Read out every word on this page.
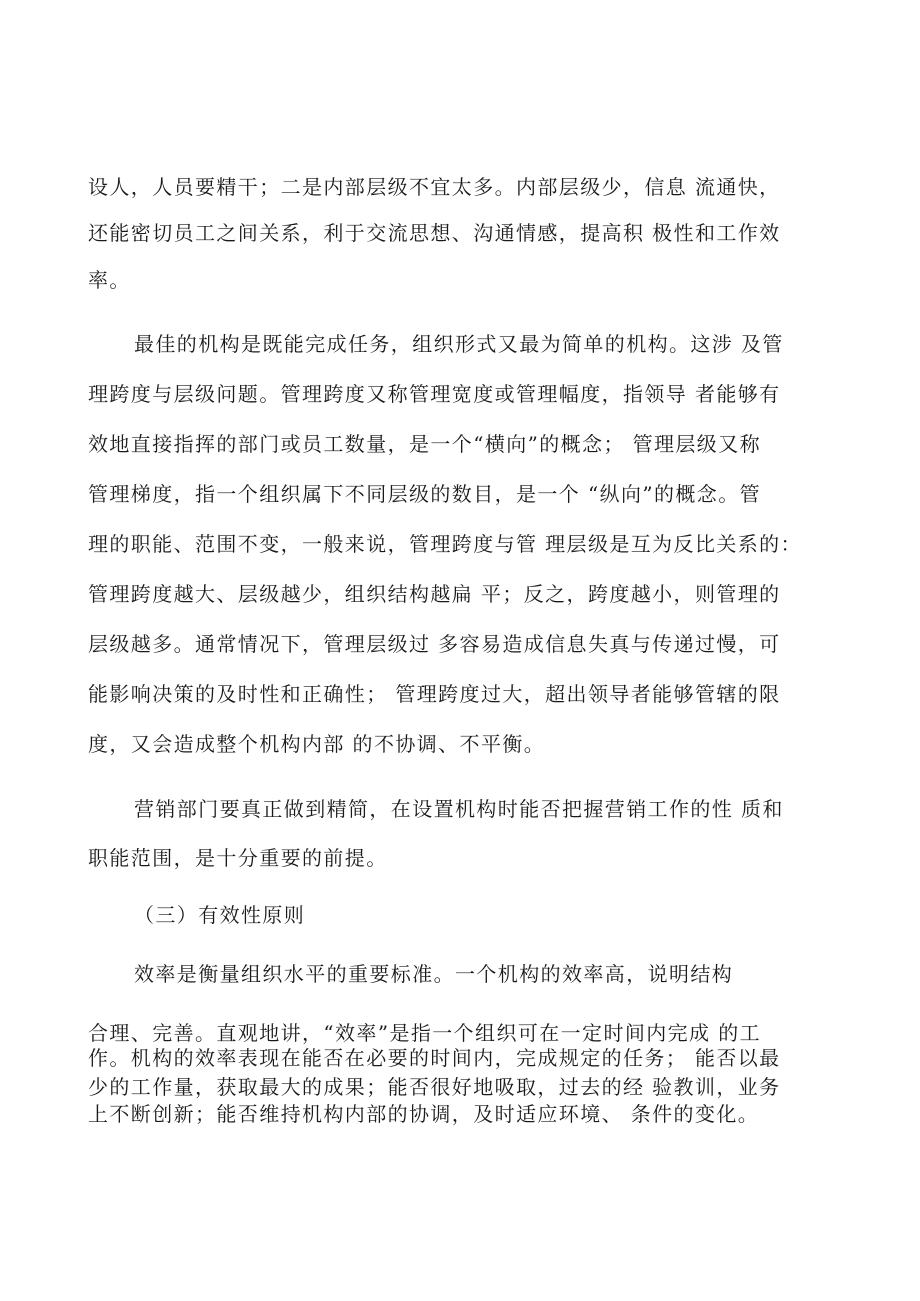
设人，人员要精干；二是内部层级不宜太多。内部层级少，信息 流通快，
还能密切员工之间关系，利于交流思想、沟通情感，提高积 极性和工作效
率。
最佳的机构是既能完成任务，组织形式又最为简单的机构。这涉 及管
理跨度与层级问题。管理跨度又称管理宽度或管理幅度，指领导 者能够有
效地直接指挥的部门或员工数量，是一个“横向”的概念； 管理层级又称
管理梯度，指一个组织属下不同层级的数目，是一个 “纵向”的概念。管
理的职能、范围不变，一般来说，管理跨度与管 理层级是互为反比关系的：
管理跨度越大、层级越少，组织结构越扁 平；反之，跨度越小，则管理的
层级越多。通常情况下，管理层级过 多容易造成信息失真与传递过慢，可
能影响决策的及时性和正确性； 管理跨度过大，超出领导者能够管辖的限
度，又会造成整个机构内部 的不协调、不平衡。
营销部门要真正做到精简，在设置机构时能否把握营销工作的性 质和
职能范围，是十分重要的前提。
（三）有效性原则
效率是衡量组织水平的重要标准。一个机构的效率高，说明结构
合理、完善。直观地讲，“效率”是指一个组织可在一定时间内完成 的工
作。机构的效率表现在能否在必要的时间内，完成规定的任务； 能否以最
少的工作量，获取最大的成果；能否很好地吸取，过去的经 验教训，业务
上不断创新；能否维持机构内部的协调，及时适应环境、 条件的变化。
